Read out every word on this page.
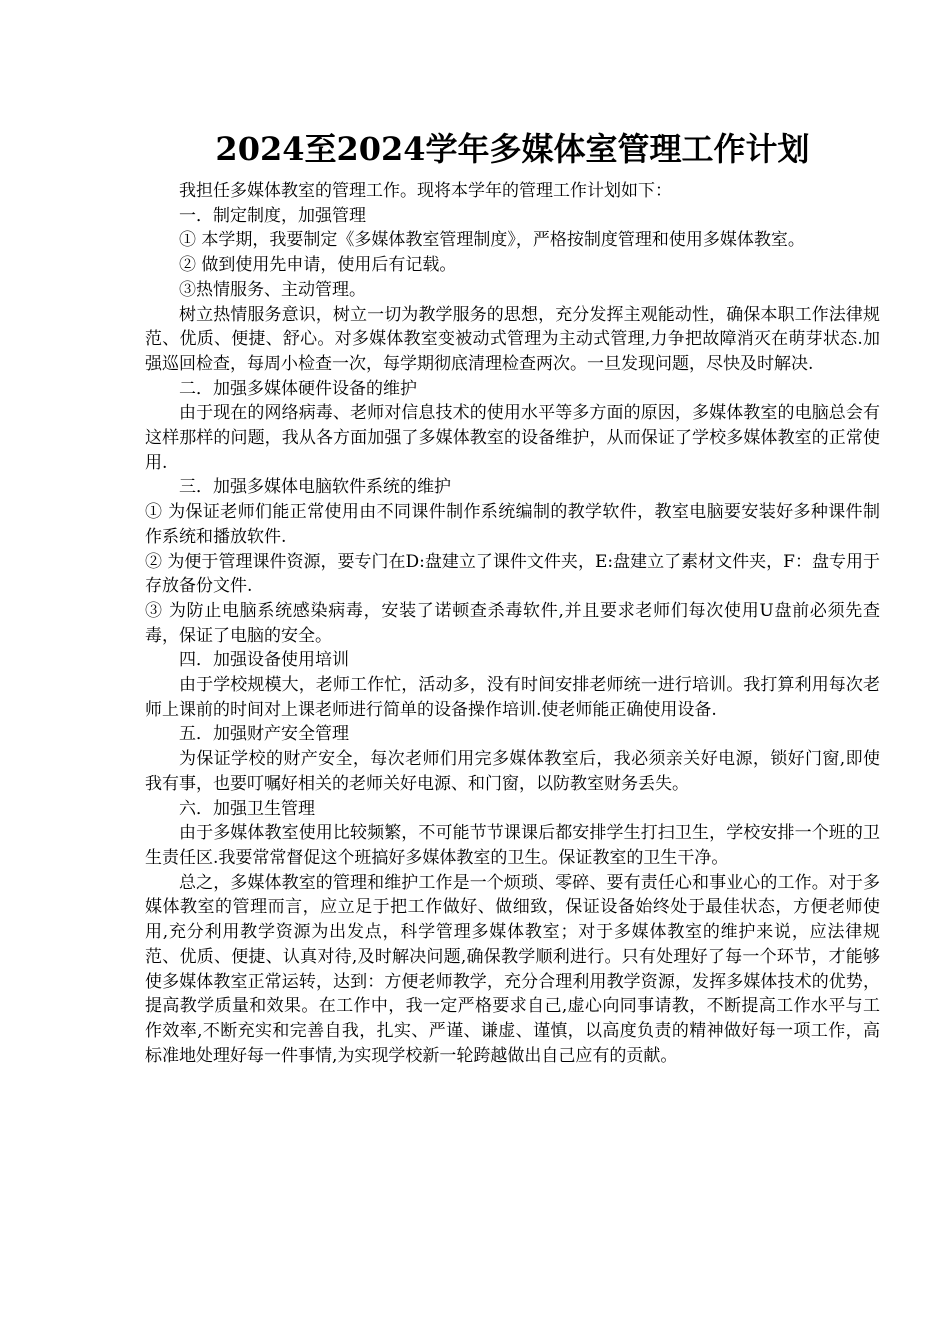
2024至2024学年多媒体室管理工作计划

我担任多媒体教室的管理工作。现将本学年的管理工作计划如下：

一．制定制度，加强管理

① 本学期，我要制定《多媒体教室管理制度》，严格按制度管理和使用多媒体教室。

② 做到使用先申请，使用后有记载。

③热情服务、主动管理。

树立热情服务意识，树立一切为教学服务的思想，充分发挥主观能动性，确保本职工作法律规范、优质、便捷、舒心。对多媒体教室变被动式管理为主动式管理,力争把故障消灭在萌芽状态.加强巡回检查，每周小检查一次，每学期彻底清理检查两次。一旦发现问题，尽快及时解决.

二．加强多媒体硬件设备的维护

由于现在的网络病毒、老师对信息技术的使用水平等多方面的原因，多媒体教室的电脑总会有这样那样的问题，我从各方面加强了多媒体教室的设备维护，从而保证了学校多媒体教室的正常使用.

三．加强多媒体电脑软件系统的维护

① 为保证老师们能正常使用由不同课件制作系统编制的教学软件，教室电脑要安装好多种课件制作系统和播放软件.

② 为便于管理课件资源，要专门在D:盘建立了课件文件夹，E:盘建立了素材文件夹，F：盘专用于存放备份文件.

③ 为防止电脑系统感染病毒，安装了诺顿查杀毒软件,并且要求老师们每次使用U盘前必须先查毒，保证了电脑的安全。

四．加强设备使用培训

由于学校规模大，老师工作忙，活动多，没有时间安排老师统一进行培训。我打算利用每次老师上课前的时间对上课老师进行简单的设备操作培训.使老师能正确使用设备.

五．加强财产安全管理

为保证学校的财产安全，每次老师们用完多媒体教室后，我必须亲关好电源，锁好门窗,即使我有事，也要叮嘱好相关的老师关好电源、和门窗，以防教室财务丢失。

六．加强卫生管理

由于多媒体教室使用比较频繁，不可能节节课课后都安排学生打扫卫生，学校安排一个班的卫生责任区.我要常常督促这个班搞好多媒体教室的卫生。保证教室的卫生干净。

总之，多媒体教室的管理和维护工作是一个烦琐、零碎、要有责任心和事业心的工作。对于多媒体教室的管理而言，应立足于把工作做好、做细致，保证设备始终处于最佳状态，方便老师使用,充分利用教学资源为出发点，科学管理多媒体教室；对于多媒体教室的维护来说，应法律规范、优质、便捷、认真对待,及时解决问题,确保教学顺利进行。只有处理好了每一个环节，才能够使多媒体教室正常运转，达到：方便老师教学，充分合理利用教学资源，发挥多媒体技术的优势，提高教学质量和效果。在工作中，我一定严格要求自己,虚心向同事请教，不断提高工作水平与工作效率,不断充实和完善自我，扎实、严谨、谦虚、谨慎，以高度负责的精神做好每一项工作，高标准地处理好每一件事情,为实现学校新一轮跨越做出自己应有的贡献。
